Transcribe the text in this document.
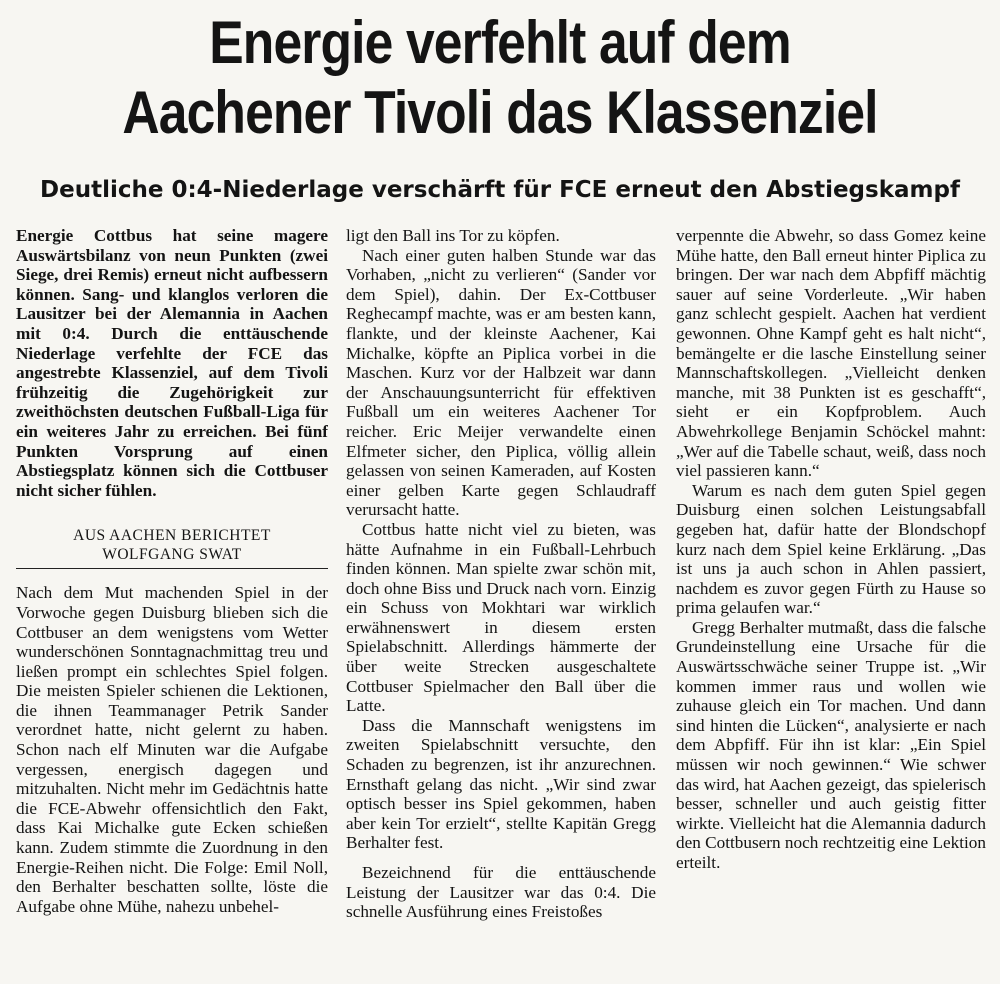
Energie verfehlt auf dem
Aachener Tivoli das Klassenziel
Deutliche 0:4-Niederlage verschärft für FCE erneut den Abstiegskampf

Energie Cottbus hat seine magere Auswärtsbilanz von neun Punkten (zwei Siege, drei Remis) erneut nicht aufbessern können. Sang- und klanglos verloren die Lausitzer bei der Alemannia in Aachen mit 0:4. Durch die enttäuschende Niederlage verfehlte der FCE das angestrebte Klassenziel, auf dem Tivoli frühzeitig die Zugehörigkeit zur zweithöchsten deutschen Fußball-Liga für ein weiteres Jahr zu erreichen. Bei fünf Punkten Vorsprung auf einen Abstiegsplatz können sich die Cottbuser nicht sicher fühlen.

AUS AACHEN BERICHTET
WOLFGANG SWAT

Nach dem Mut machenden Spiel in der Vorwoche gegen Duisburg blieben sich die Cottbuser an dem wenigstens vom Wetter wunderschönen Sonntagnachmittag treu und ließen prompt ein schlechtes Spiel folgen. Die meisten Spieler schienen die Lektionen, die ihnen Teammanager Petrik Sander verordnet hatte, nicht gelernt zu haben. Schon nach elf Minuten war die Aufgabe vergessen, energisch dagegen und mitzuhalten. Nicht mehr im Gedächtnis hatte die FCE-Abwehr offensichtlich den Fakt, dass Kai Michalke gute Ecken schießen kann. Zudem stimmte die Zuordnung in den Energie-Reihen nicht. Die Folge: Emil Noll, den Berhalter beschatten sollte, löste die Aufgabe ohne Mühe, nahezu unbehel-

ligt den Ball ins Tor zu köpfen.

Nach einer guten halben Stunde war das Vorhaben, „nicht zu verlieren“ (Sander vor dem Spiel), dahin. Der Ex-Cottbuser Reghecampf machte, was er am besten kann, flankte, und der kleinste Aachener, Kai Michalke, köpfte an Piplica vorbei in die Maschen. Kurz vor der Halbzeit war dann der Anschauungsunterricht für effektiven Fußball um ein weiteres Aachener Tor reicher. Eric Meijer verwandelte einen Elfmeter sicher, den Piplica, völlig allein gelassen von seinen Kameraden, auf Kosten einer gelben Karte gegen Schlaudraff verursacht hatte.

Cottbus hatte nicht viel zu bieten, was hätte Aufnahme in ein Fußball-Lehrbuch finden können. Man spielte zwar schön mit, doch ohne Biss und Druck nach vorn. Einzig ein Schuss von Mokhtari war wirklich erwähnenswert in diesem ersten Spielabschnitt. Allerdings hämmerte der über weite Strecken ausgeschaltete Cottbuser Spielmacher den Ball über die Latte.

Dass die Mannschaft wenigstens im zweiten Spielabschnitt versuchte, den Schaden zu begrenzen, ist ihr anzurechnen. Ernsthaft gelang das nicht. „Wir sind zwar optisch besser ins Spiel gekommen, haben aber kein Tor erzielt“, stellte Kapitän Gregg Berhalter fest.

Bezeichnend für die enttäuschende Leistung der Lausitzer war das 0:4. Die schnelle Ausführung eines Freistoßes

verpennte die Abwehr, so dass Gomez keine Mühe hatte, den Ball erneut hinter Piplica zu bringen. Der war nach dem Abpfiff mächtig sauer auf seine Vorderleute. „Wir haben ganz schlecht gespielt. Aachen hat verdient gewonnen. Ohne Kampf geht es halt nicht“, bemängelte er die lasche Einstellung seiner Mannschaftskollegen. „Vielleicht denken manche, mit 38 Punkten ist es geschafft“, sieht er ein Kopfproblem. Auch Abwehrkollege Benjamin Schöckel mahnt: „Wer auf die Tabelle schaut, weiß, dass noch viel passieren kann.“

Warum es nach dem guten Spiel gegen Duisburg einen solchen Leistungsabfall gegeben hat, dafür hatte der Blondschopf kurz nach dem Spiel keine Erklärung. „Das ist uns ja auch schon in Ahlen passiert, nachdem es zuvor gegen Fürth zu Hause so prima gelaufen war.“

Gregg Berhalter mutmaßt, dass die falsche Grundeinstellung eine Ursache für die Auswärtsschwäche seiner Truppe ist. „Wir kommen immer raus und wollen wie zuhause gleich ein Tor machen. Und dann sind hinten die Lücken“, analysierte er nach dem Abpfiff. Für ihn ist klar: „Ein Spiel müssen wir noch gewinnen.“ Wie schwer das wird, hat Aachen gezeigt, das spielerisch besser, schneller und auch geistig fitter wirkte. Vielleicht hat die Alemannia dadurch den Cottbusern noch rechtzeitig eine Lektion erteilt.
